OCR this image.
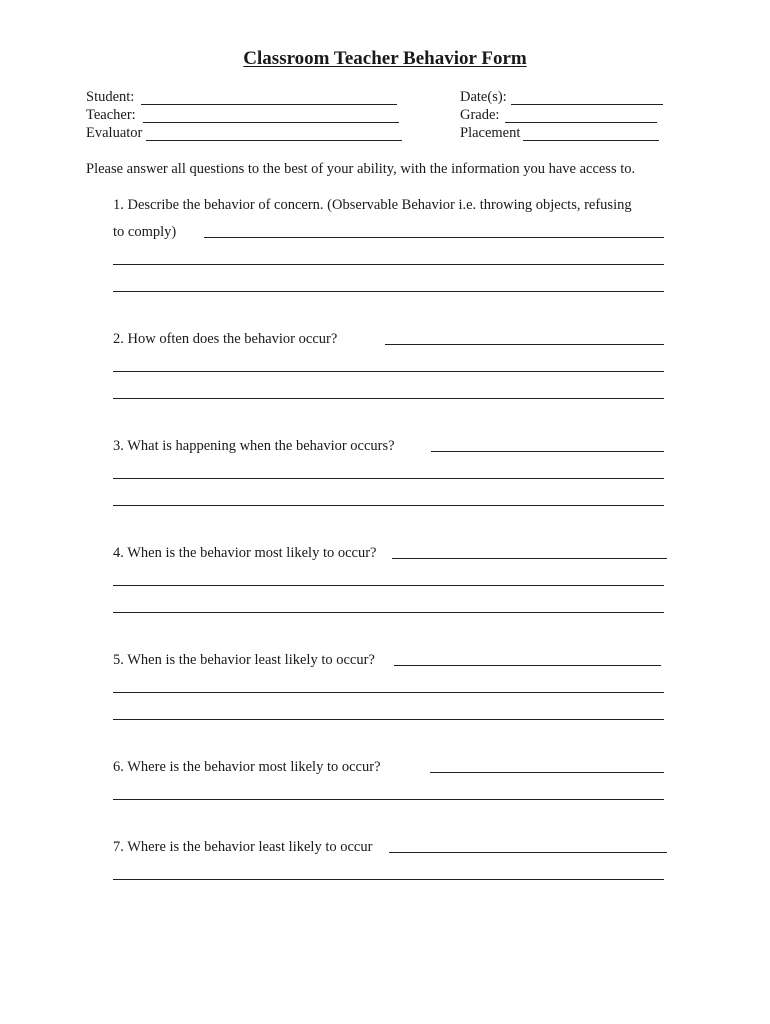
Classroom Teacher Behavior Form
Student:
Teacher:
Evaluator
Date(s):
Grade:
Placement
Please answer all questions to the best of your ability, with the information you have access to.
1. Describe the behavior of concern. (Observable Behavior i.e. throwing objects, refusing
to comply)
2. How often does the behavior occur?
3. What is happening when the behavior occurs?
4. When is the behavior most likely to occur?
5. When is the behavior least likely to occur?
6. Where is the behavior most likely to occur?
7. Where is the behavior least likely to occur
